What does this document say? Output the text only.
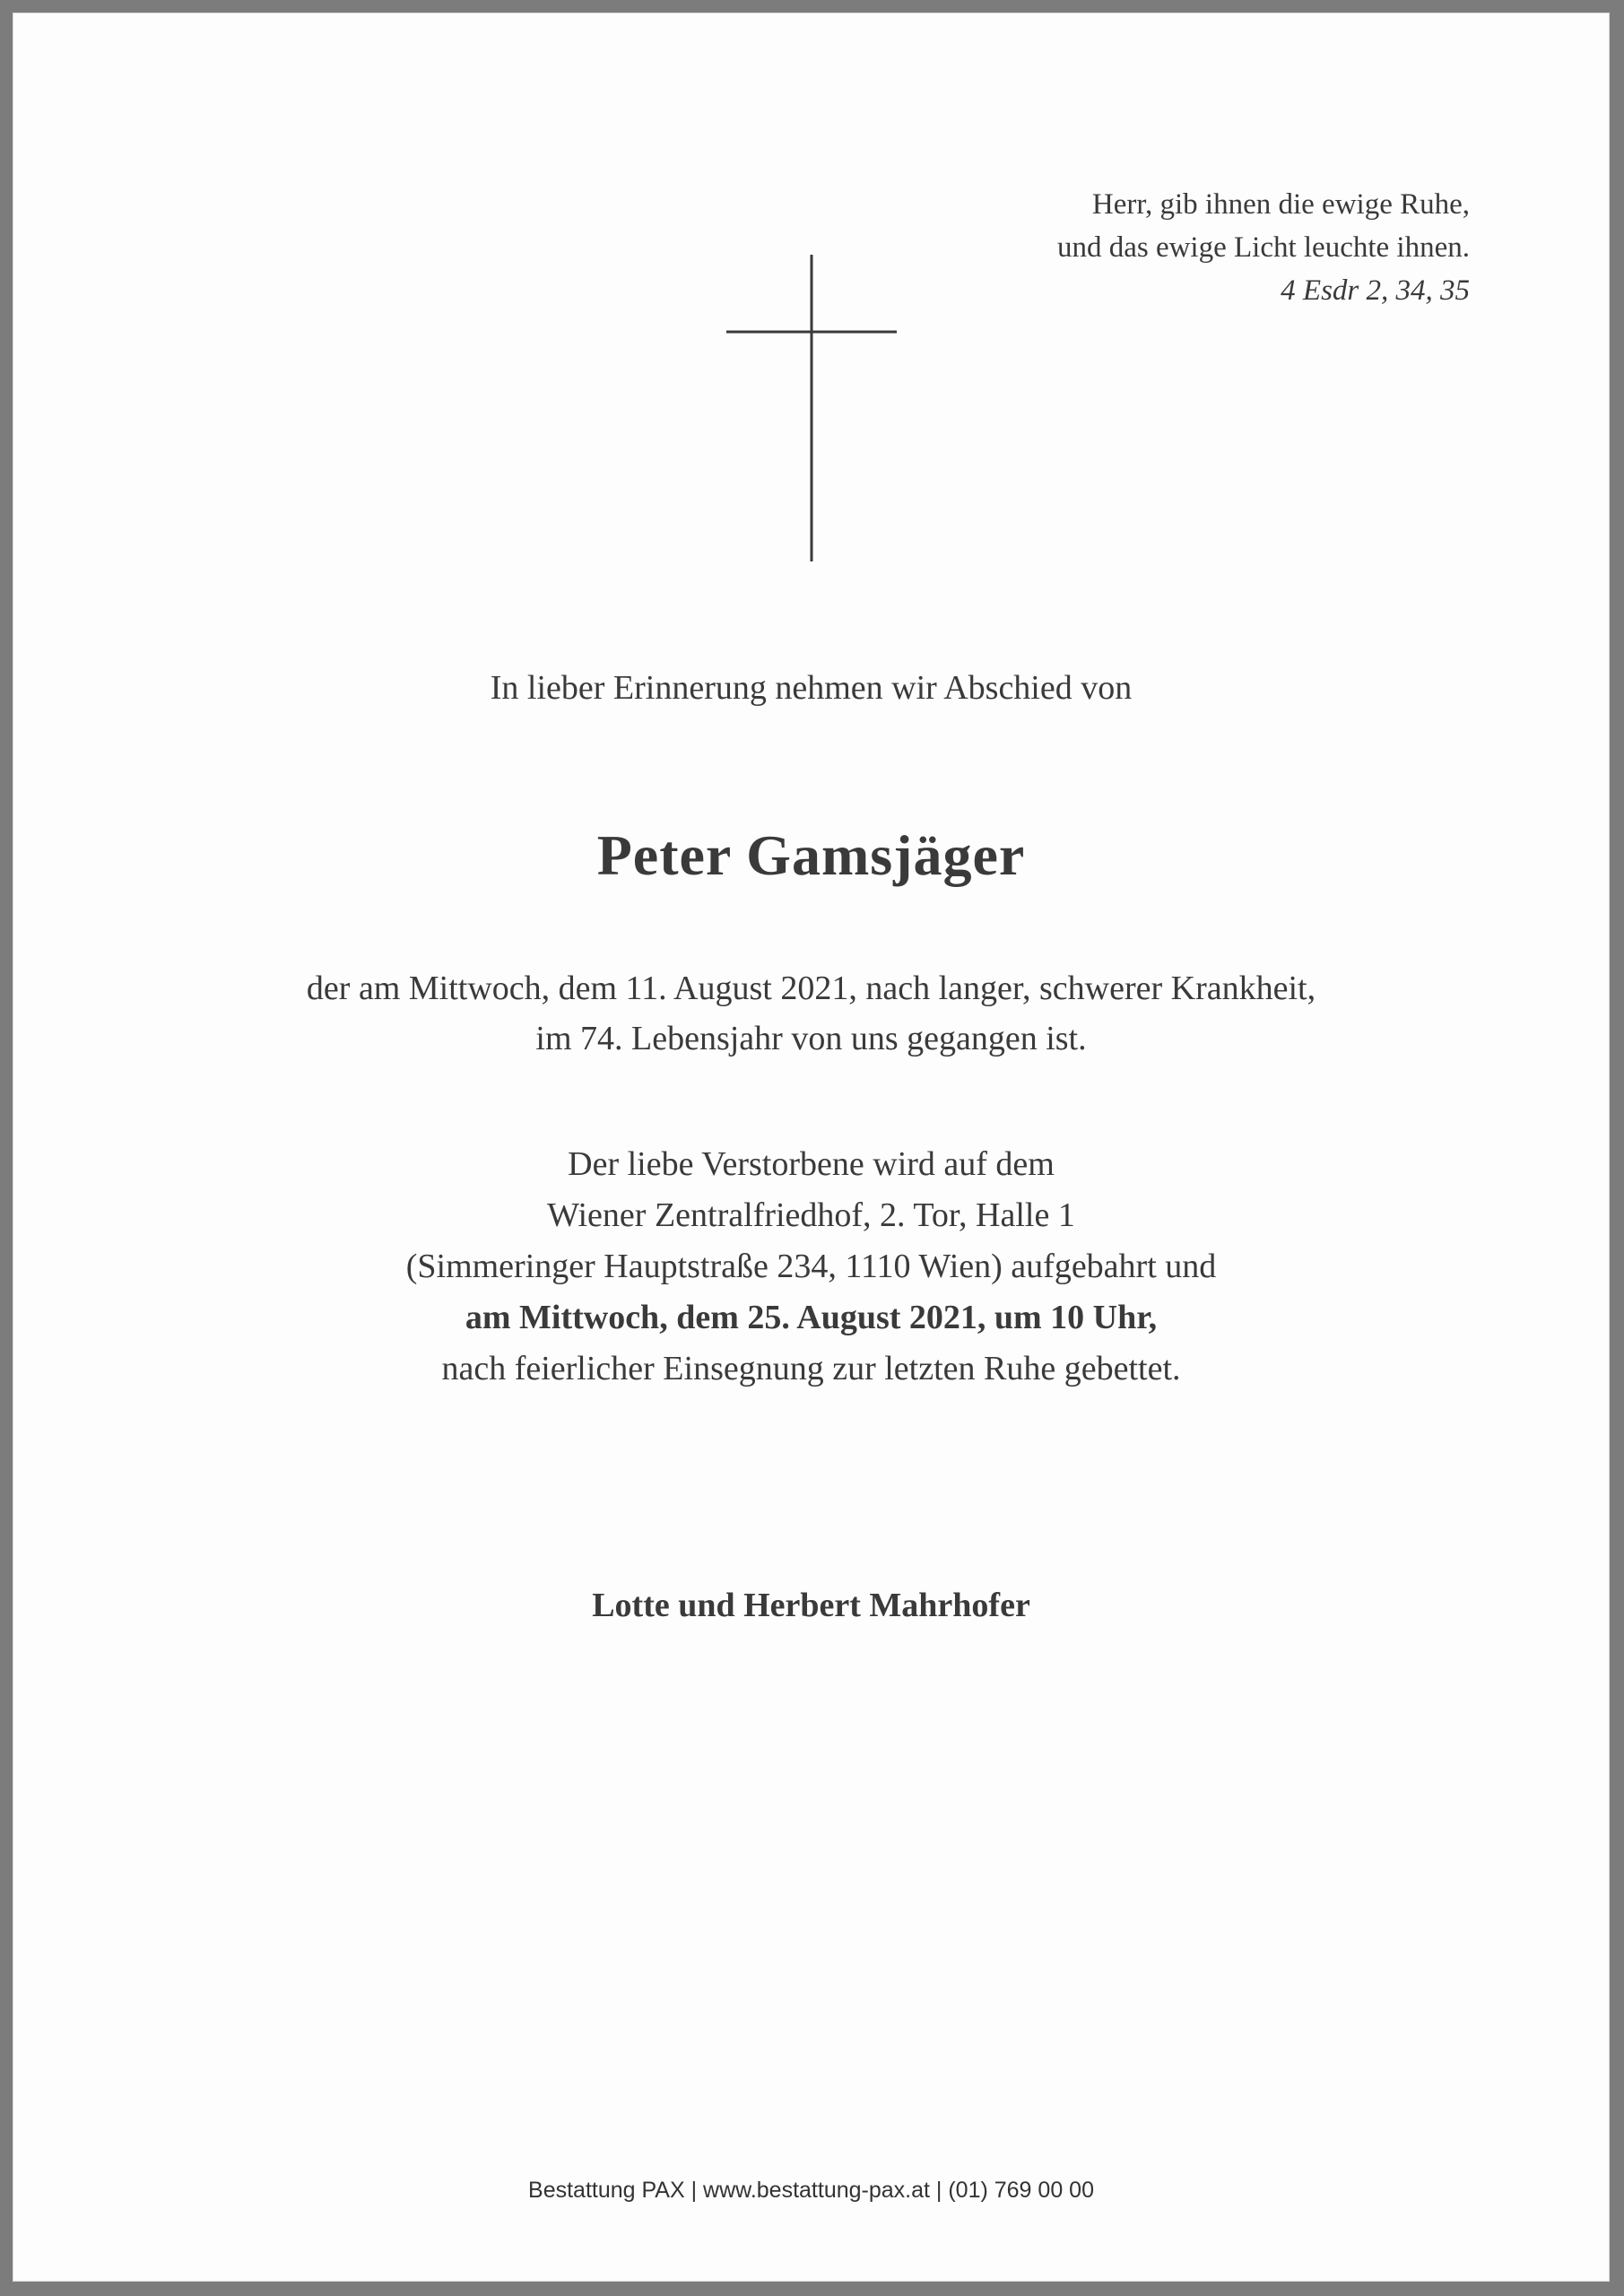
Herr, gib ihnen die ewige Ruhe,
und das ewige Licht leuchte ihnen.
4 Esdr 2, 34, 35
In lieber Erinnerung nehmen wir Abschied von
Peter Gamsjäger
der am Mittwoch, dem 11. August 2021, nach langer, schwerer Krankheit,
im 74. Lebensjahr von uns gegangen ist.
Der liebe Verstorbene wird auf dem
Wiener Zentralfriedhof, 2. Tor, Halle 1
(Simmeringer Hauptstraße 234, 1110 Wien) aufgebahrt und
am Mittwoch, dem 25. August 2021, um 10 Uhr,
nach feierlicher Einsegnung zur letzten Ruhe gebettet.
Lotte und Herbert Mahrhofer
Bestattung PAX | www.bestattung-pax.at | (01) 769 00 00
